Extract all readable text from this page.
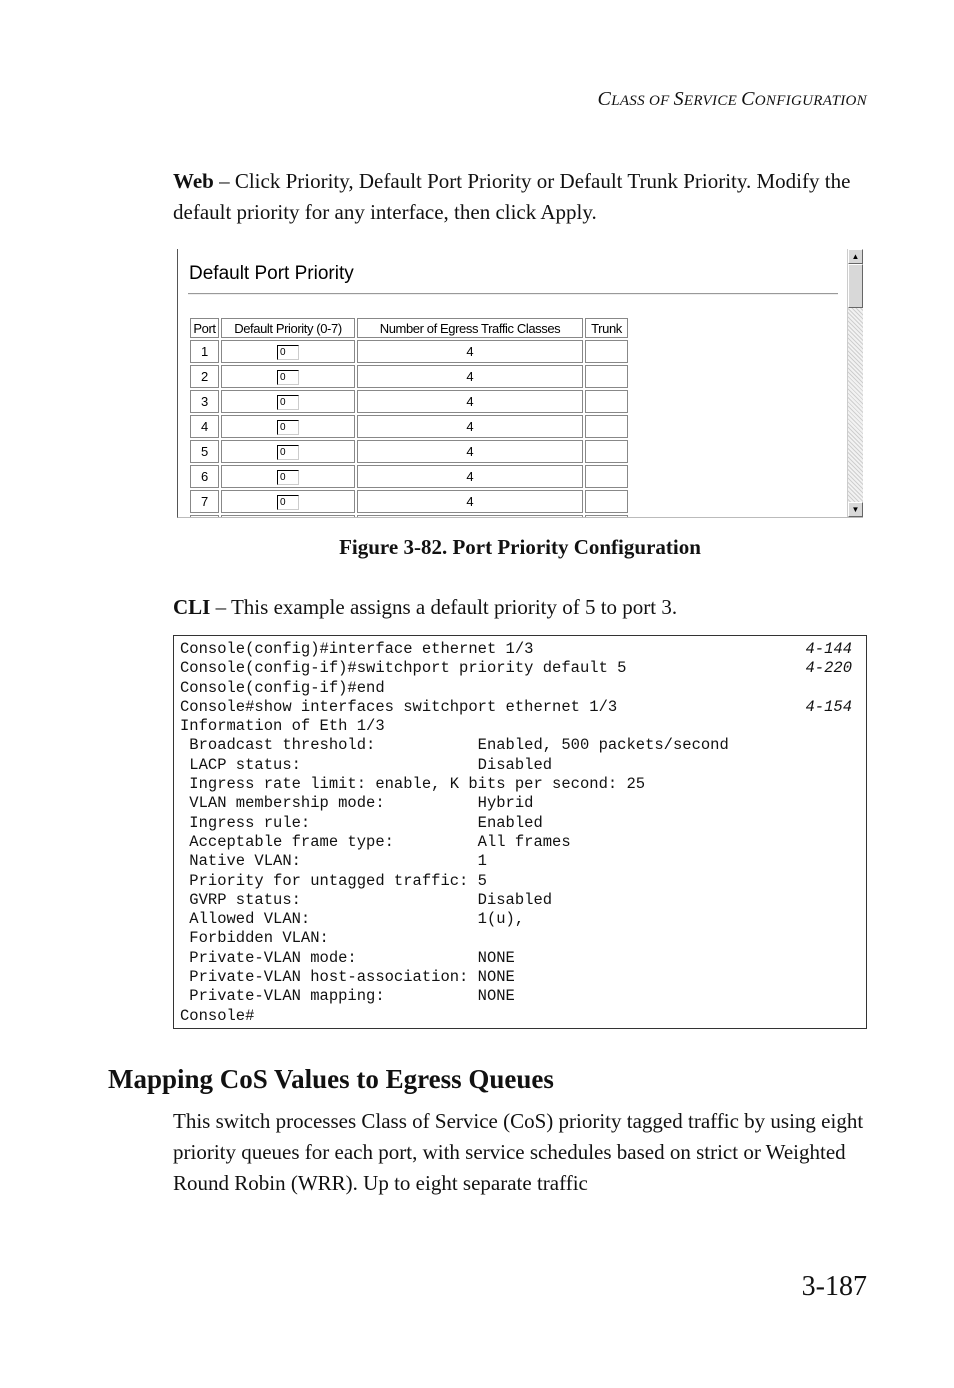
CLASS OF SERVICE CONFIGURATION
Web – Click Priority, Default Port Priority or Default Trunk Priority. Modify the default priority for any interface, then click Apply.
Default Port Priority
Port	Default Priority (0-7)	Number of Egress Traffic Classes	Trunk
1	0	4	
2	0	4	
3	0	4	
4	0	4	
5	0	4	
6	0	4	
7	0	4	

▲
▼
Figure 3-82. Port Priority Configuration
CLI – This example assigns a default priority of 5 to port 3.
Console(config)#interface ethernet 1/3	4-144
Console(config-if)#switchport priority default 5	4-220
Console(config-if)#end
Console#show interfaces switchport ethernet 1/3	4-154
Information of Eth 1/3
Broadcast threshold:           Enabled, 500 packets/second
LACP status:                   Disabled
Ingress rate limit: enable, K bits per second: 25
VLAN membership mode:          Hybrid
Ingress rule:                  Enabled
Acceptable frame type:         All frames
Native VLAN:                   1
Priority for untagged traffic: 5
GVRP status:                   Disabled
Allowed VLAN:                  1(u),
Forbidden VLAN:
Private-VLAN mode:             NONE
Private-VLAN host-association: NONE
Private-VLAN mapping:          NONE
Console#
Mapping CoS Values to Egress Queues
This switch processes Class of Service (CoS) priority tagged traffic by using eight priority queues for each port, with service schedules based on strict or Weighted Round Robin (WRR). Up to eight separate traffic
3-187
